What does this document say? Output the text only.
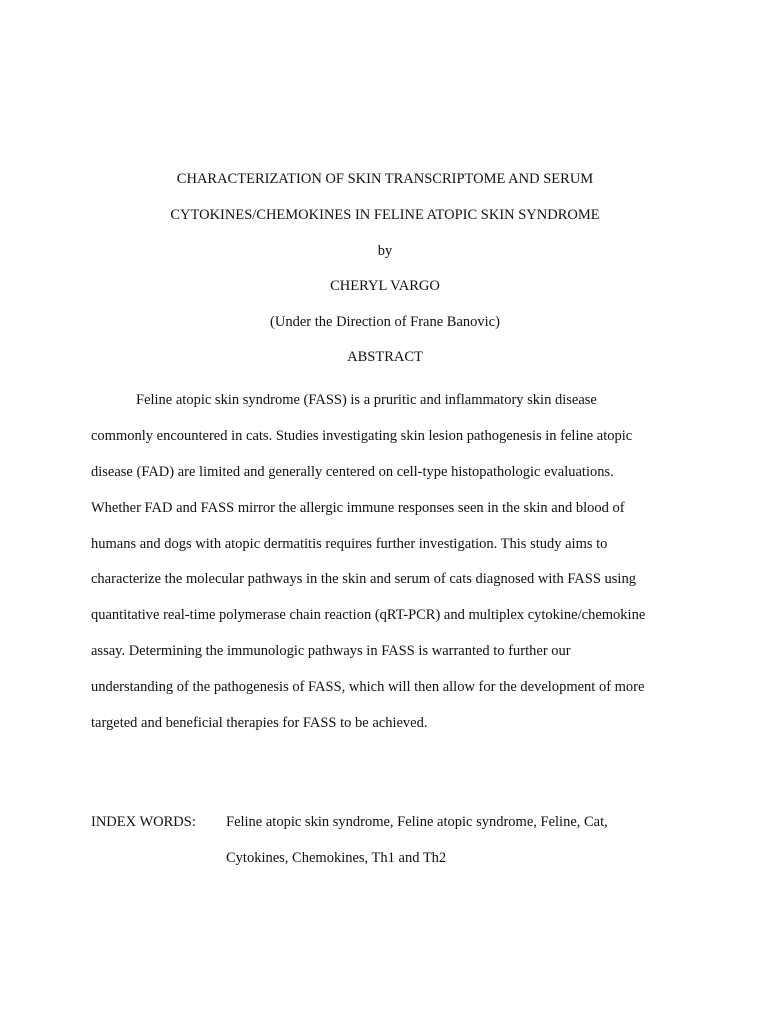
CHARACTERIZATION OF SKIN TRANSCRIPTOME AND SERUM
CYTOKINES/CHEMOKINES IN FELINE ATOPIC SKIN SYNDROME
by
CHERYL VARGO
(Under the Direction of Frane Banovic)
ABSTRACT
Feline atopic skin syndrome (FASS) is a pruritic and inflammatory skin disease
commonly encountered in cats. Studies investigating skin lesion pathogenesis in feline atopic
disease (FAD) are limited and generally centered on cell-type histopathologic evaluations.
Whether FAD and FASS mirror the allergic immune responses seen in the skin and blood of
humans and dogs with atopic dermatitis requires further investigation. This study aims to
characterize the molecular pathways in the skin and serum of cats diagnosed with FASS using
quantitative real-time polymerase chain reaction (qRT-PCR) and multiplex cytokine/chemokine
assay. Determining the immunologic pathways in FASS is warranted to further our
understanding of the pathogenesis of FASS, which will then allow for the development of more
targeted and beneficial therapies for FASS to be achieved.
INDEX WORDS: Feline atopic skin syndrome, Feline atopic syndrome, Feline, Cat,
Cytokines, Chemokines, Th1 and Th2
